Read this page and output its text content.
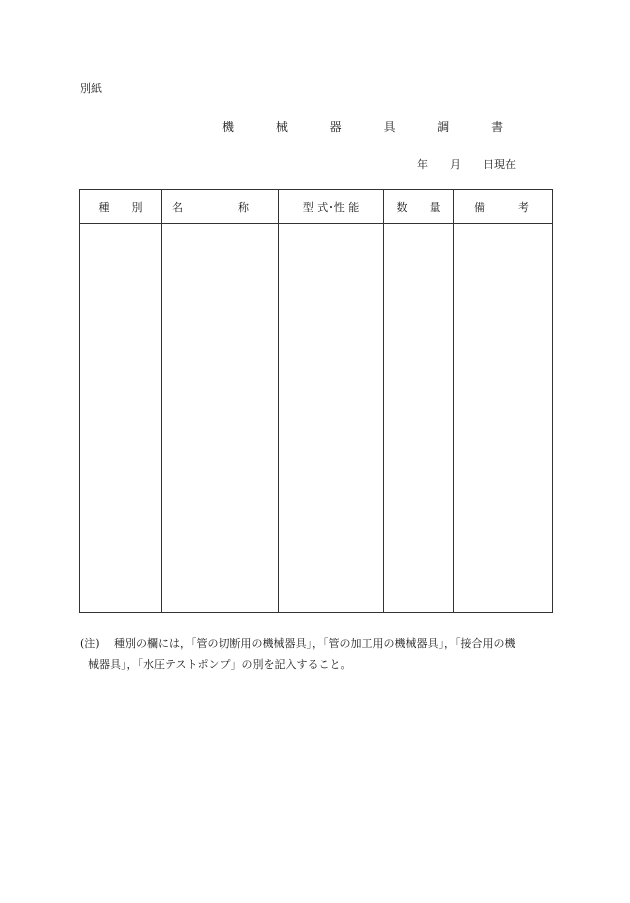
別紙
機 械 器 具 調 書
年　　月　　日現在
種　　別	名　　　　　称	型 式･性 能	数　　量	備　　　考

(注) 種別の欄には，「管の切断用の機械器具」，「管の加工用の機械器具」，「接合用の機
械器具」，「水圧テストポンプ」の別を記入すること。
